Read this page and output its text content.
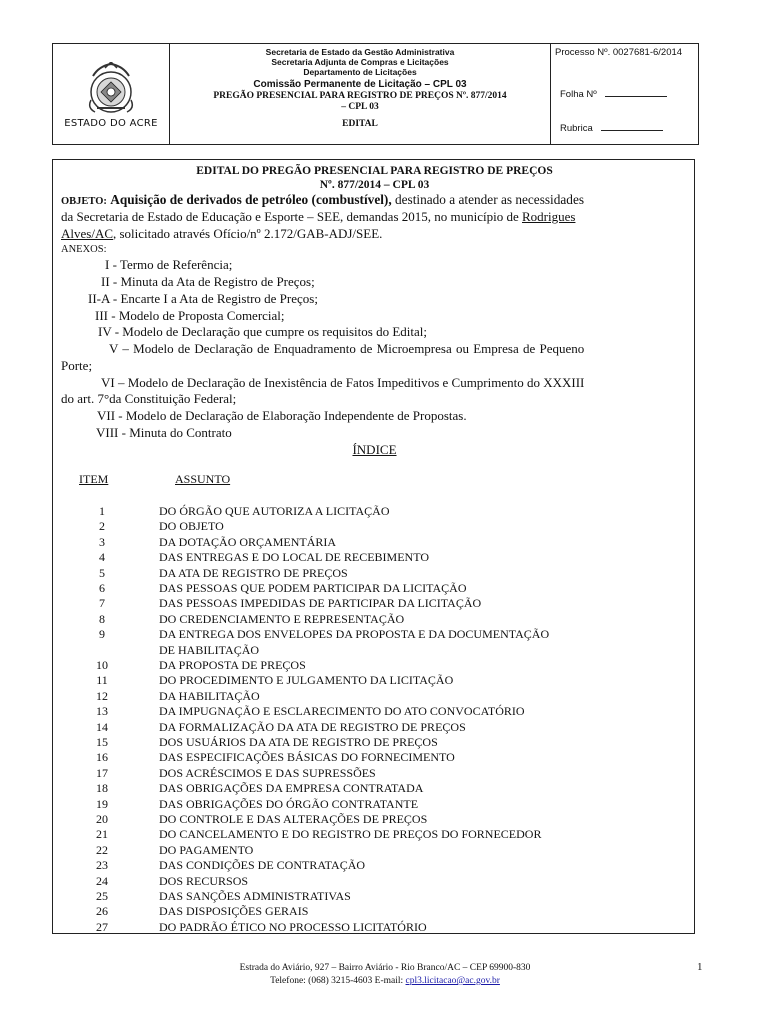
ESTADO DO ACRE
Secretaria de Estado da Gestão Administrativa
Secretaria Adjunta de Compras e Licitações
Departamento de Licitações
Comissão Permanente de Licitação – CPL 03
PREGÃO PRESENCIAL PARA REGISTRO DE PREÇOS Nº. 877/2014
– CPL 03
EDITAL
Processo Nº. 0027681-6/2014
Folha Nº
Rubrica
EDITAL DO PREGÃO PRESENCIAL PARA REGISTRO DE PREÇOS
Nº. 877/2014 – CPL 03
OBJETO: Aquisição de derivados de petróleo (combustível), destinado a atender as necessidades
da Secretaria de Estado de Educação e Esporte – SEE, demandas 2015, no município de Rodrigues
Alves/AC, solicitado através Ofício/nº 2.172/GAB-ADJ/SEE.
ANEXOS:
I - Termo de Referência;
II - Minuta da Ata de Registro de Preços;
II-A - Encarte I a Ata de Registro de Preços;
III - Modelo de Proposta Comercial;
IV - Modelo de Declaração que cumpre os requisitos do Edital;
V – Modelo de Declaração de Enquadramento de Microempresa ou Empresa de Pequeno
Porte;
VI – Modelo de Declaração de Inexistência de Fatos Impeditivos e Cumprimento do XXXIII
do art. 7°da Constituição Federal;
VII - Modelo de Declaração de Elaboração Independente de Propostas.
VIII - Minuta do Contrato
ÍNDICE
ITEM	ASSUNTO
1	DO ÓRGÃO QUE AUTORIZA A LICITAÇÃO
2	DO OBJETO
3	DA DOTAÇÃO ORÇAMENTÁRIA
4	DAS ENTREGAS E DO LOCAL DE RECEBIMENTO
5	DA ATA DE REGISTRO DE PREÇOS
6	DAS PESSOAS QUE PODEM PARTICIPAR DA LICITAÇÃO
7	DAS PESSOAS IMPEDIDAS DE PARTICIPAR DA LICITAÇÃO
8	DO CREDENCIAMENTO E REPRESENTAÇÃO
9	DA ENTREGA DOS ENVELOPES DA PROPOSTA E DA DOCUMENTAÇÃO
DE HABILITAÇÃO
10	DA PROPOSTA DE PREÇOS
11	DO PROCEDIMENTO E JULGAMENTO DA LICITAÇÃO
12	DA HABILITAÇÃO
13	DA IMPUGNAÇÃO E ESCLARECIMENTO DO ATO CONVOCATÓRIO
14	DA FORMALIZAÇÃO DA ATA DE REGISTRO DE PREÇOS
15	DOS USUÁRIOS DA ATA DE REGISTRO DE PREÇOS
16	DAS ESPECIFICAÇÕES BÁSICAS DO FORNECIMENTO
17	DOS ACRÉSCIMOS E DAS SUPRESSÕES
18	DAS OBRIGAÇÕES DA EMPRESA CONTRATADA
19	DAS OBRIGAÇÕES DO ÓRGÃO CONTRATANTE
20	DO CONTROLE E DAS ALTERAÇÕES DE PREÇOS
21	DO CANCELAMENTO E DO REGISTRO DE PREÇOS DO FORNECEDOR
22	DO PAGAMENTO
23	DAS CONDIÇÕES DE CONTRATAÇÃO
24	DOS RECURSOS
25	DAS SANÇÕES ADMINISTRATIVAS
26	DAS DISPOSIÇÕES GERAIS
27	DO PADRÃO ÉTICO NO PROCESSO LICITATÓRIO
Estrada do Aviário, 927 – Bairro Aviário - Rio Branco/AC – CEP 69900-830
Telefone: (068) 3215-4603 E-mail: cpl3.licitacao@ac.gov.br
1
